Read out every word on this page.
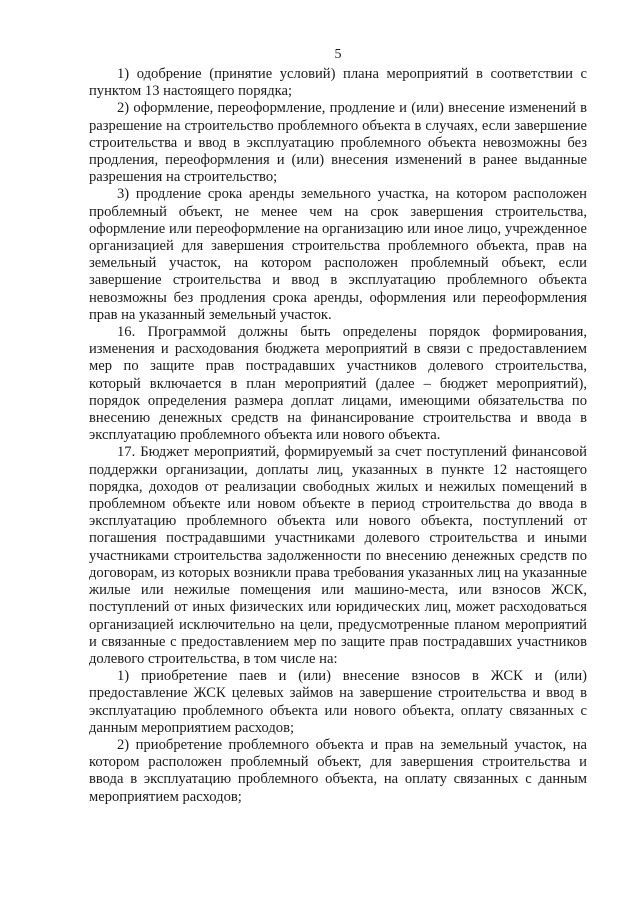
5

1) одобрение (принятие условий) плана мероприятий в соответствии с пунктом 13 настоящего порядка;

2) оформление, переоформление, продление и (или) внесение изменений в разрешение на строительство проблемного объекта в случаях, если завершение строительства и ввод в эксплуатацию проблемного объекта невозможны без продления, переоформления и (или) внесения изменений в ранее выданные разрешения на строительство;

3) продление срока аренды земельного участка, на котором расположен проблемный объект, не менее чем на срок завершения строительства, оформление или переоформление на организацию или иное лицо, учрежденное организацией для завершения строительства проблемного объекта, прав на земельный участок, на котором расположен проблемный объект, если завершение строительства и ввод в эксплуатацию проблемного объекта невозможны без продления срока аренды, оформления или переоформления прав на указанный земельный участок.

16. Программой должны быть определены порядок формирования, изменения и расходования бюджета мероприятий в связи с предоставлением мер по защите прав пострадавших участников долевого строительства, который включается в план мероприятий (далее – бюджет мероприятий), порядок определения размера доплат лицами, имеющими обязательства по внесению денежных средств на финансирование строительства и ввода в эксплуатацию проблемного объекта или нового объекта.

17. Бюджет мероприятий, формируемый за счет поступлений финансовой поддержки организации, доплаты лиц, указанных в пункте 12 настоящего порядка, доходов от реализации свободных жилых и нежилых помещений в проблемном объекте или новом объекте в период строительства до ввода в эксплуатацию проблемного объекта или нового объекта, поступлений от погашения пострадавшими участниками долевого строительства и иными участниками строительства задолженности по внесению денежных средств по договорам, из которых возникли права требования указанных лиц на указанные жилые или нежилые помещения или машино-места, или взносов ЖСК, поступлений от иных физических или юридических лиц, может расходоваться организацией исключительно на цели, предусмотренные планом мероприятий и связанные с предоставлением мер по защите прав пострадавших участников долевого строительства, в том числе на:

1) приобретение паев и (или) внесение взносов в ЖСК и (или) предоставление ЖСК целевых займов на завершение строительства и ввод в эксплуатацию проблемного объекта или нового объекта, оплату связанных с данным мероприятием расходов;

2) приобретение проблемного объекта и прав на земельный участок, на котором расположен проблемный объект, для завершения строительства и ввода в эксплуатацию проблемного объекта, на оплату связанных с данным мероприятием расходов;
